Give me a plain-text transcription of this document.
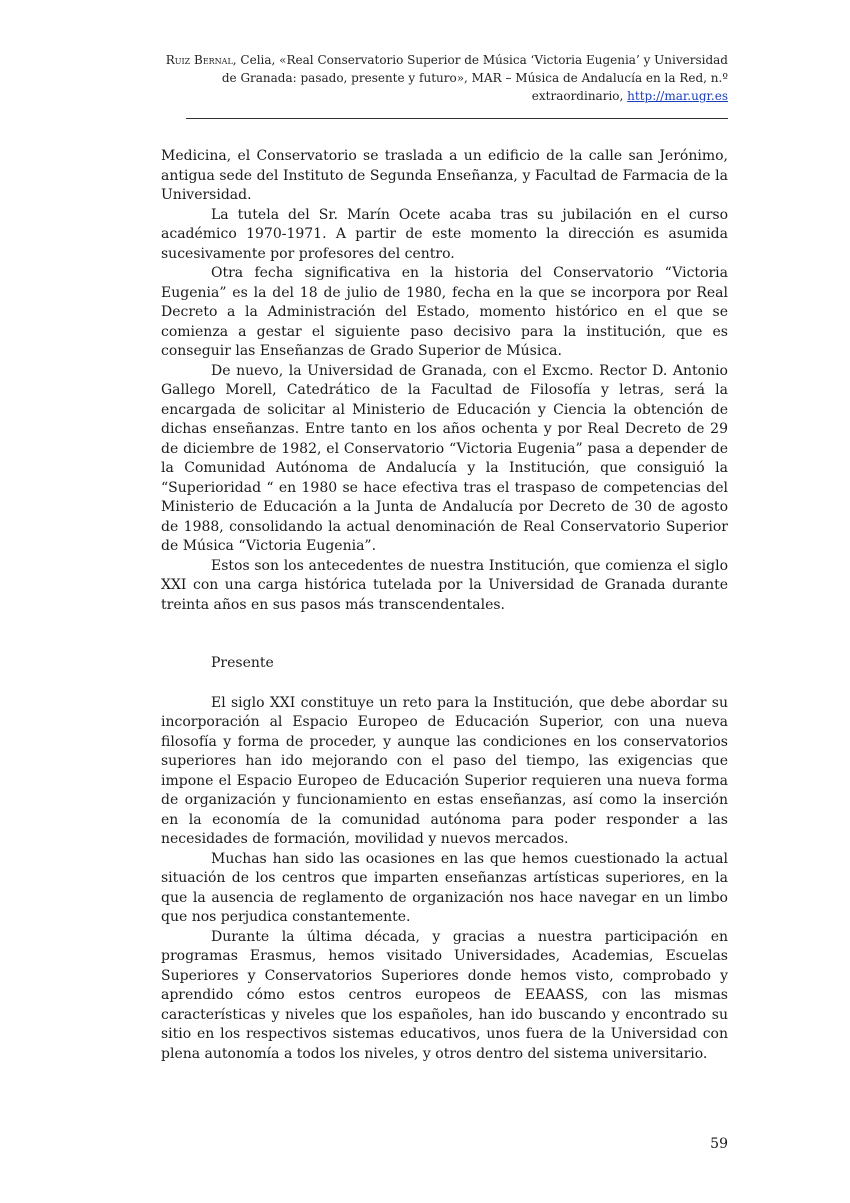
Ruiz Bernal, Celia, «Real Conservatorio Superior de Música ‘Victoria Eugenia’ y Universidad
de Granada: pasado, presente y futuro», MAR – Música de Andalucía en la Red, n.º
extraordinario, http://mar.ugr.es

Medicina, el Conservatorio se traslada a un edificio de la calle san Jerónimo, antigua sede del Instituto de Segunda Enseñanza, y Facultad de Farmacia de la Universidad.

La tutela del Sr. Marín Ocete acaba tras su jubilación en el curso académico 1970-1971. A partir de este momento la dirección es asumida sucesivamente por profesores del centro.

Otra fecha significativa en la historia del Conservatorio “Victoria Eugenia” es la del 18 de julio de 1980, fecha en la que se incorpora por Real Decreto a la Administración del Estado, momento histórico en el que se comienza a gestar el siguiente paso decisivo para la institución, que es conseguir las Enseñanzas de Grado Superior de Música.

De nuevo, la Universidad de Granada, con el Excmo. Rector D. Antonio Gallego Morell, Catedrático de la Facultad de Filosofía y letras, será la encargada de solicitar al Ministerio de Educación y Ciencia la obtención de dichas enseñanzas. Entre tanto en los años ochenta y por Real Decreto de 29 de diciembre de 1982, el Conservatorio “Victoria Eugenia” pasa a depender de la Comunidad Autónoma de Andalucía y la Institución, que consiguió la “Superioridad “ en 1980 se hace efectiva tras el traspaso de competencias del Ministerio de Educación a la Junta de Andalucía por Decreto de 30 de agosto de 1988, consolidando la actual denominación de Real Conservatorio Superior de Música “Victoria Eugenia”.

Estos son los antecedentes de nuestra Institución, que comienza el siglo XXI con una carga histórica tutelada por la Universidad de Granada durante treinta años en sus pasos más transcendentales.

Presente

El siglo XXI constituye un reto para la Institución, que debe abordar su incorporación al Espacio Europeo de Educación Superior, con una nueva filosofía y forma de proceder, y aunque las condiciones en los conservatorios superiores han ido mejorando con el paso del tiempo, las exigencias que impone el Espacio Europeo de Educación Superior requieren una nueva forma de organización y funcionamiento en estas enseñanzas, así como la inserción en la economía de la comunidad autónoma para poder responder a las necesidades de formación, movilidad y nuevos mercados.

Muchas han sido las ocasiones en las que hemos cuestionado la actual situación de los centros que imparten enseñanzas artísticas superiores, en la que la ausencia de reglamento de organización nos hace navegar en un limbo que nos perjudica constantemente.

Durante la última década, y gracias a nuestra participación en programas Erasmus, hemos visitado Universidades, Academias, Escuelas Superiores y Conservatorios Superiores donde hemos visto, comprobado y aprendido cómo estos centros europeos de EEAASS, con las mismas características y niveles que los españoles, han ido buscando y encontrado su sitio en los respectivos sistemas educativos, unos fuera de la Universidad con plena autonomía a todos los niveles, y otros dentro del sistema universitario.

59
